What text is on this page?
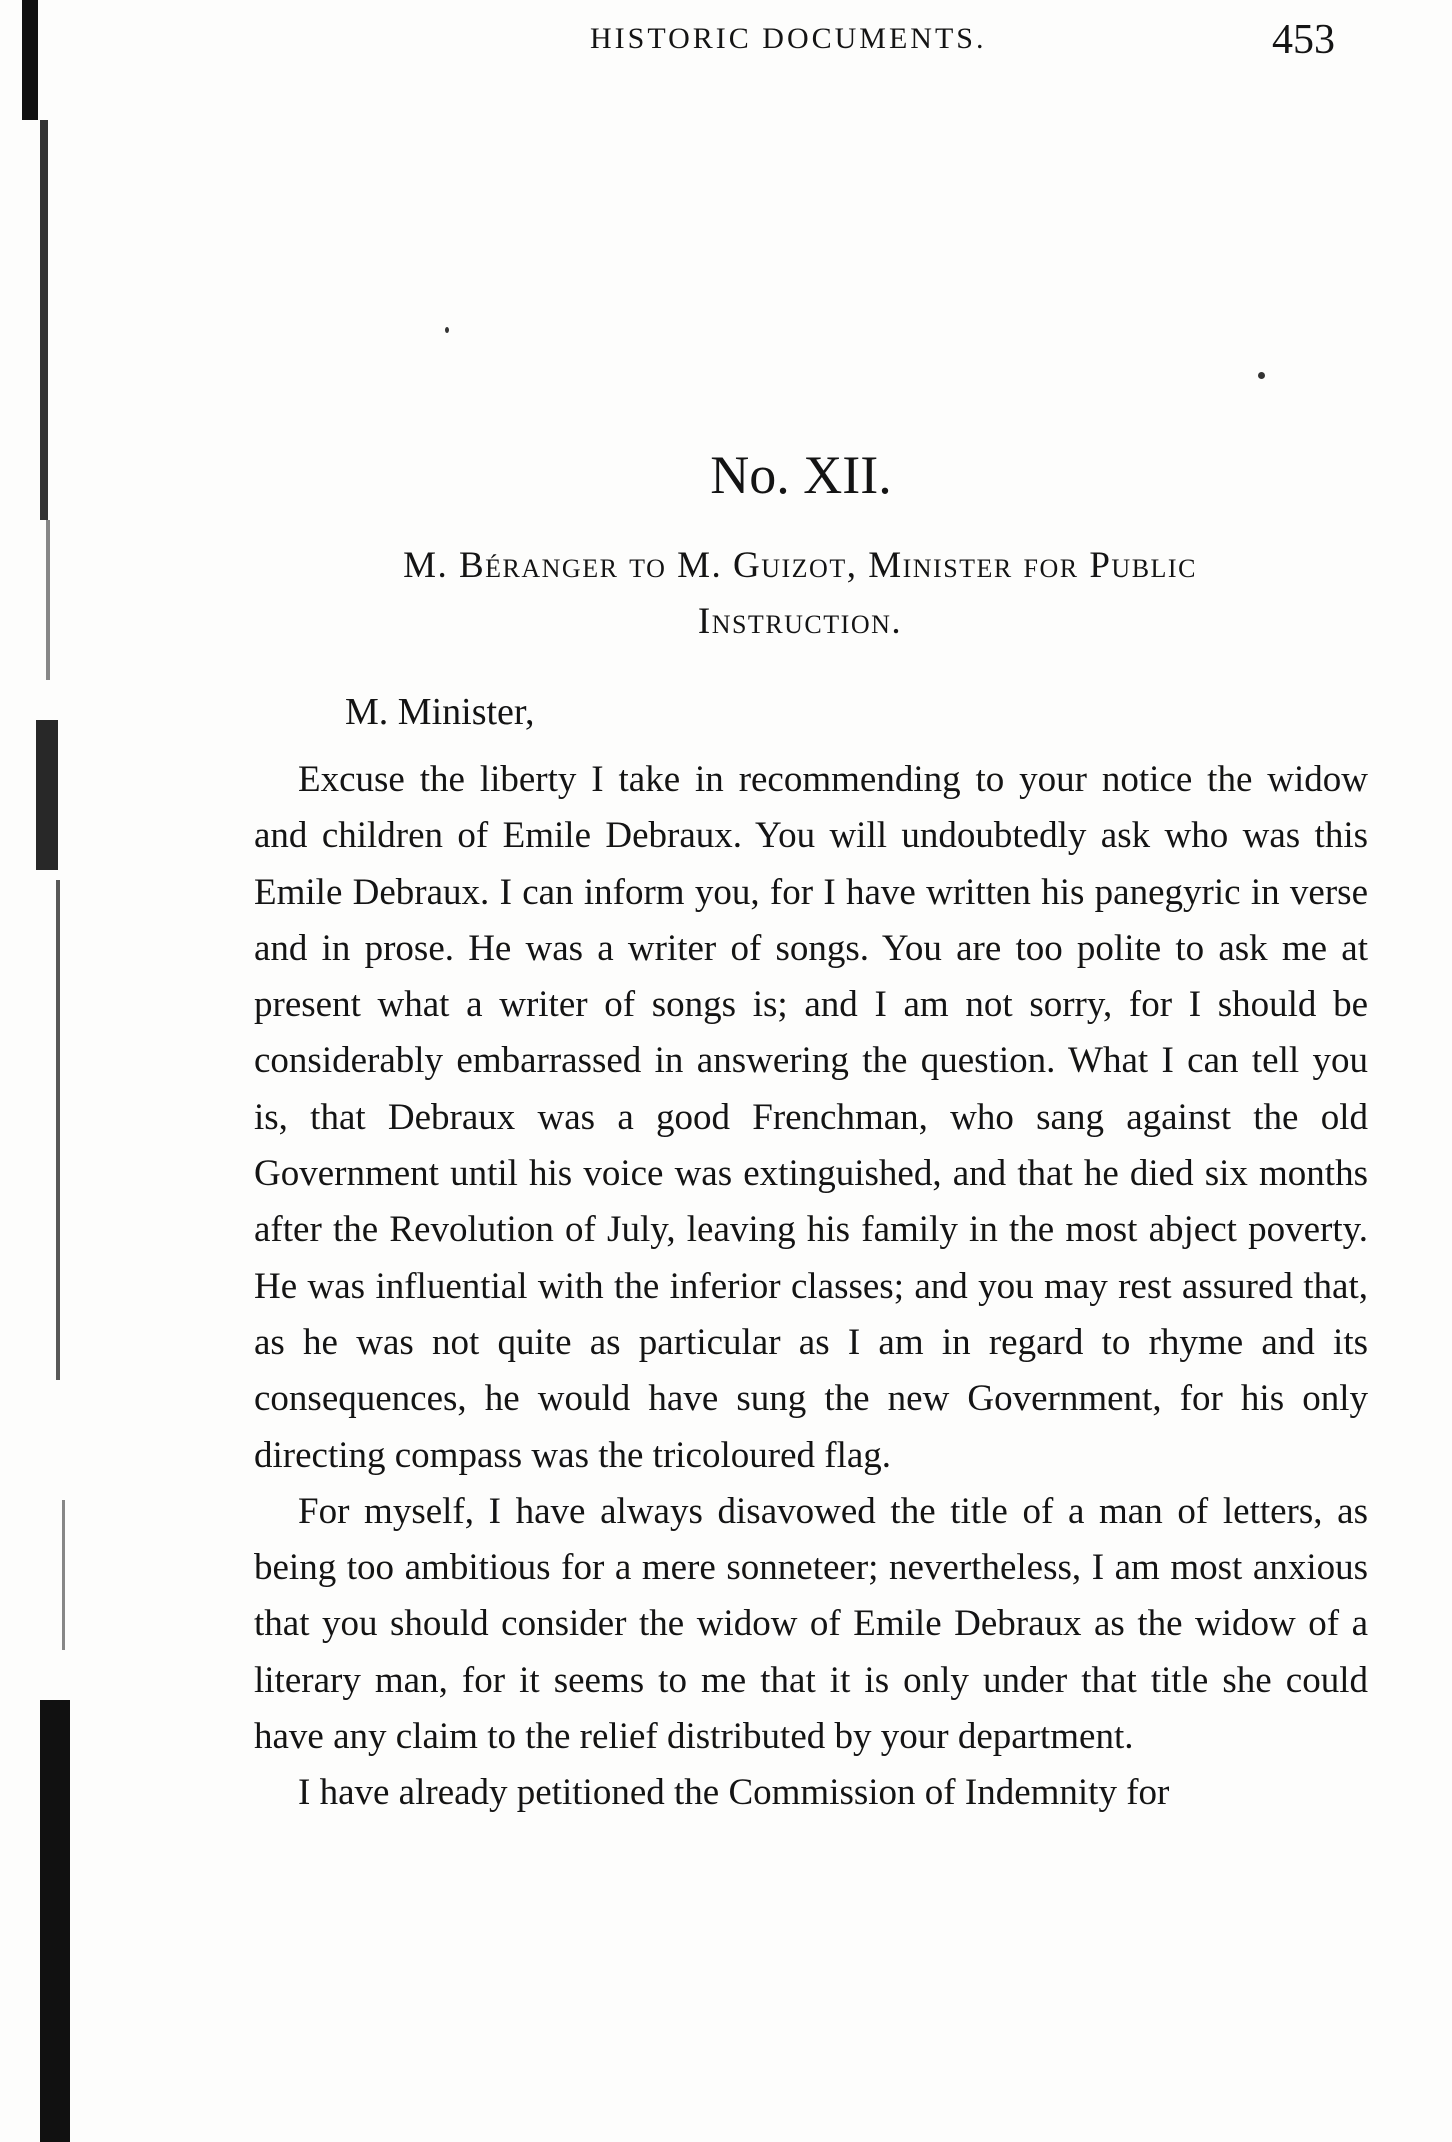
HISTORIC DOCUMENTS.	453
No. XII.
M. Béranger to M. Guizot, Minister for Public
Instruction.
M. Minister,

Excuse the liberty I take in recommending to your notice the widow and children of Emile Debraux. You will undoubtedly ask who was this Emile Debraux. I can inform you, for I have written his panegyric in verse and in prose. He was a writer of songs. You are too polite to ask me at present what a writer of songs is; and I am not sorry, for I should be considerably embarrassed in answering the question. What I can tell you is, that Debraux was a good Frenchman, who sang against the old Government until his voice was extinguished, and that he died six months after the Revolution of July, leaving his family in the most abject poverty. He was influential with the inferior classes; and you may rest assured that, as he was not quite as particular as I am in regard to rhyme and its consequences, he would have sung the new Government, for his only directing compass was the tricoloured flag.

For myself, I have always disavowed the title of a man of letters, as being too ambitious for a mere sonneteer; nevertheless, I am most anxious that you should consider the widow of Emile Debraux as the widow of a literary man, for it seems to me that it is only under that title she could have any claim to the relief distributed by your department.

I have already petitioned the Commission of Indemnity for
